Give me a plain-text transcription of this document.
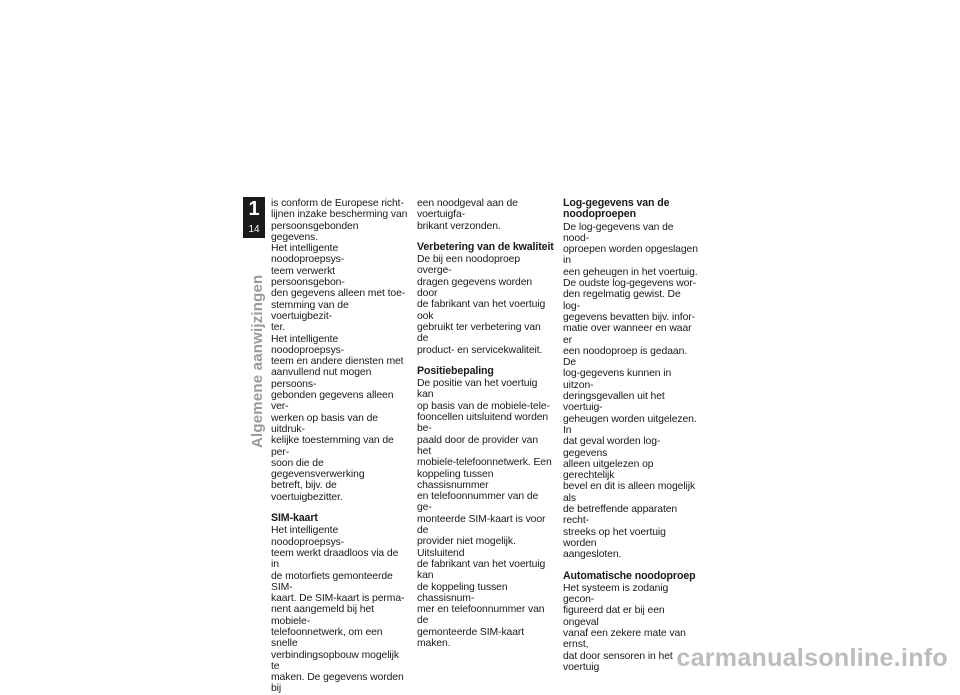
1
14
Algemene aanwijzingen

is conform de Europese richt-
lijnen inzake bescherming van
persoonsgebonden gegevens.
Het intelligente noodoproepsys-
teem verwerkt persoonsgebon-
den gegevens alleen met toe-
stemming van de voertuigbezit-
ter.
Het intelligente noodoproepsys-
teem en andere diensten met
aanvullend nut mogen persoons-
gebonden gegevens alleen ver-
werken op basis van de uitdruk-
kelijke toestemming van de per-
soon die de gegevensverwerking
betreft, bijv. de voertuigbezitter.

SIM-kaart

Het intelligente noodoproepsys-
teem werkt draadloos via de in
de motorfiets gemonteerde SIM-
kaart. De SIM-kaart is perma-
nent aangemeld bij het mobiele-
telefoonnetwerk, om een snelle
verbindingsopbouw mogelijk te
maken. De gegevens worden bij

een noodgeval aan de voertuigfa-
brikant verzonden.

Verbetering van de kwaliteit

De bij een noodoproep overge-
dragen gegevens worden door
de fabrikant van het voertuig ook
gebruikt ter verbetering van de
product- en servicekwaliteit.

Positiebepaling

De positie van het voertuig kan
op basis van de mobiele-tele-
fooncellen uitsluitend worden be-
paald door de provider van het
mobiele-telefoonnetwerk. Een
koppeling tussen chassisnummer
en telefoonnummer van de ge-
monteerde SIM-kaart is voor de
provider niet mogelijk. Uitsluitend
de fabrikant van het voertuig kan
de koppeling tussen chassisnum-
mer en telefoonnummer van de
gemonteerde SIM-kaart maken.

Log-gegevens van de
noodoproepen

De log-gegevens van de nood-
oproepen worden opgeslagen in
een geheugen in het voertuig.
De oudste log-gegevens wor-
den regelmatig gewist. De log-
gegevens bevatten bijv. infor-
matie over wanneer en waar er
een noodoproep is gedaan. De
log-gegevens kunnen in uitzon-
deringsgevallen uit het voertuig-
geheugen worden uitgelezen. In
dat geval worden log-gegevens
alleen uitgelezen op gerechtelijk
bevel en dit is alleen mogelijk als
de betreffende apparaten recht-
streeks op het voertuig worden
aangesloten.

Automatische noodoproep

Het systeem is zodanig gecon-
figureerd dat er bij een ongeval
vanaf een zekere mate van ernst,
dat door sensoren in het voertuig	carmanualsonline.info
